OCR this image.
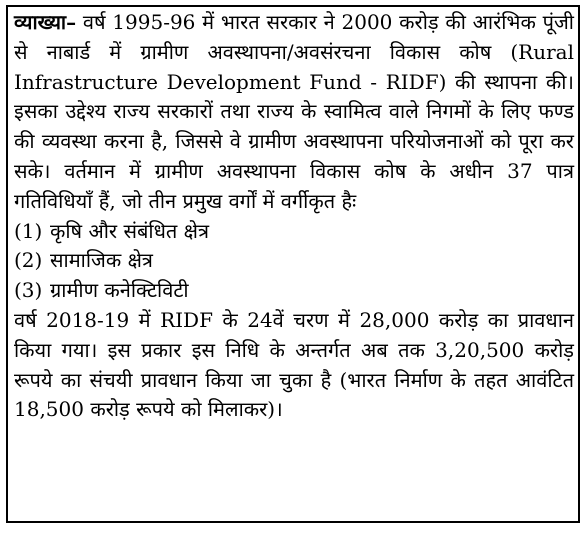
व्याख्या– वर्ष 1995-96 में भारत सरकार ने 2000 करोड़ की आरंभिक पूंजी से नाबार्ड में ग्रामीण अवस्थापना/अवसंरचना विकास कोष (Rural Infrastructure Development Fund - RIDF) की स्थापना की। इसका उद्देश्य राज्य सरकारों तथा राज्य के स्वामित्व वाले निगमों के लिए फण्ड की व्यवस्था करना है, जिससे वे ग्रामीण अवस्थापना परियोजनाओं को पूरा कर सके। वर्तमान में ग्रामीण अवस्थापना विकास कोष के अधीन 37 पात्र गतिविधियाँ हैं, जो तीन प्रमुख वर्गों में वर्गीकृत हैः

(1) कृषि और संबंधित क्षेत्र

(2) सामाजिक क्षेत्र

(3) ग्रामीण कनेक्टिविटी

वर्ष 2018-19 में RIDF के 24वें चरण में 28,000 करोड़ का प्रावधान किया गया। इस प्रकार इस निधि के अन्तर्गत अब तक 3,20,500 करोड़ रूपये का संचयी प्रावधान किया जा चुका है (भारत निर्माण के तहत आवंटित 18,500 करोड़ रूपये को मिलाकर)।
